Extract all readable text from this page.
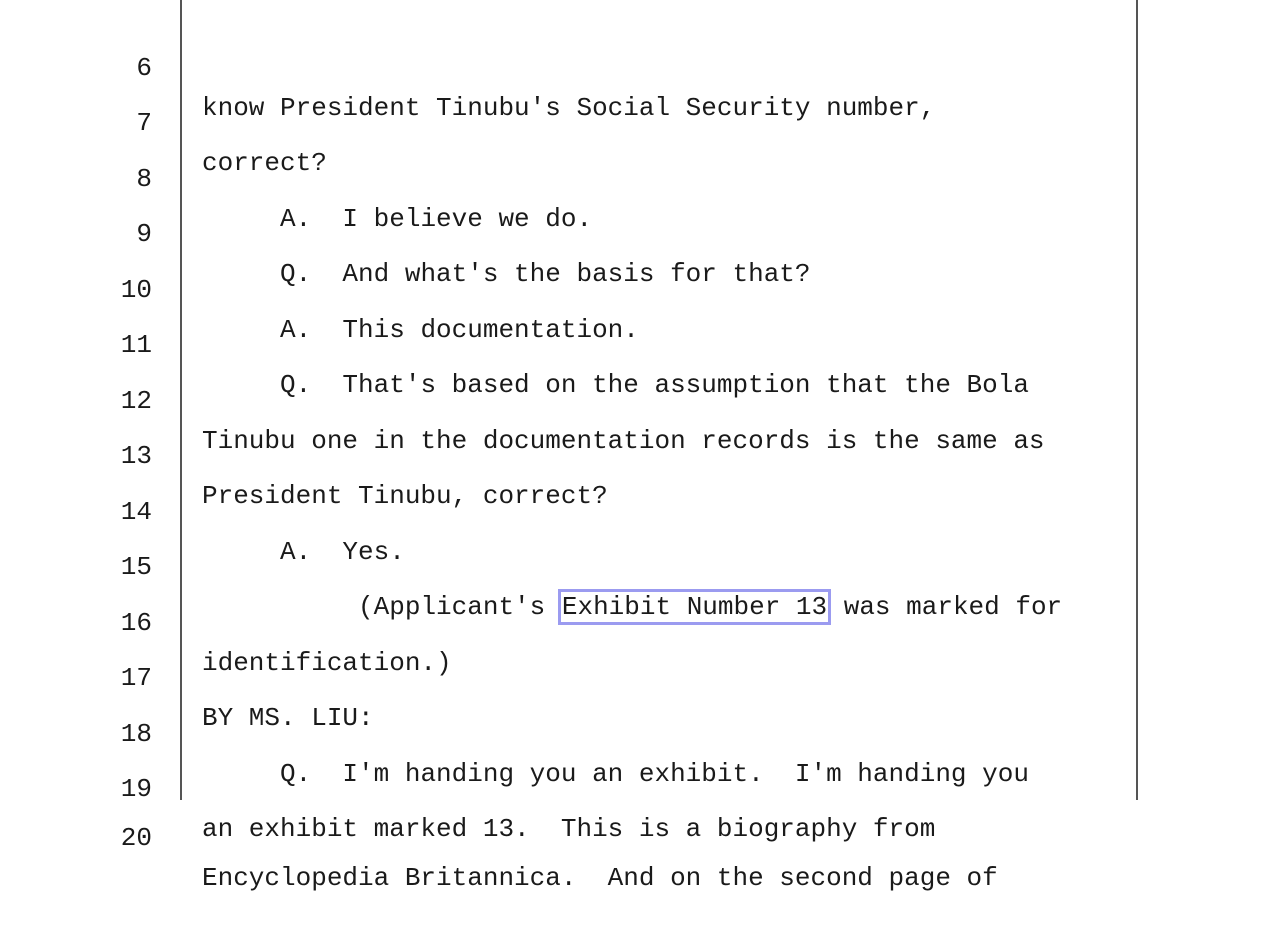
6

know President Tinubu's Social Security number,

7

correct?

8

A.  I believe we do.

9

Q.  And what's the basis for that?

10

A.  This documentation.

11

Q.  That's based on the assumption that the Bola

12

Tinubu one in the documentation records is the same as

13

President Tinubu, correct?

14

A.  Yes.

15

(Applicant's Exhibit Number 13 was marked for

16

identification.)

17

BY MS. LIU:

18

Q.  I'm handing you an exhibit.  I'm handing you

19

an exhibit marked 13.  This is a biography from

20

Encyclopedia Britannica.  And on the second page of
